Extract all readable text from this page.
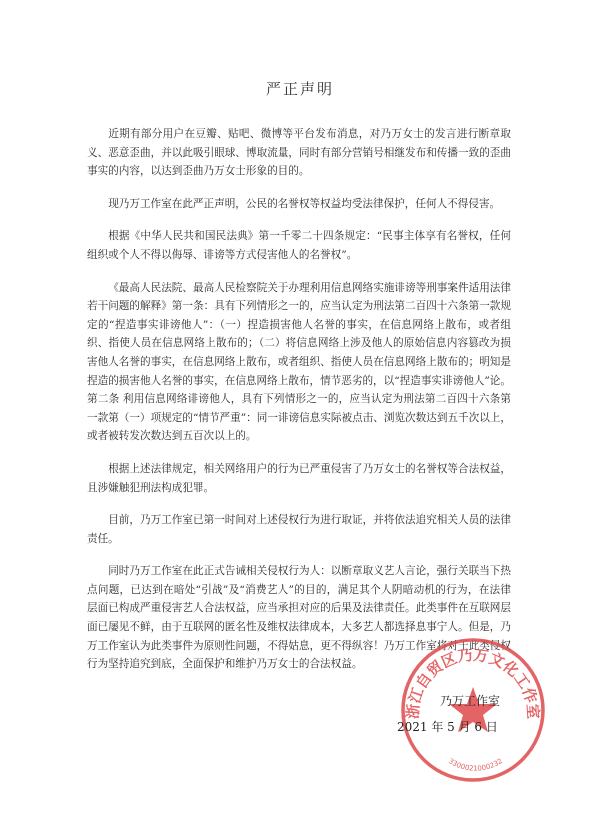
严正声明

近期有部分用户在豆瓣、贴吧、微博等平台发布消息，对乃万女士的发言进行断章取义、恶意歪曲，并以此吸引眼球、博取流量，同时有部分营销号相继发布和传播一致的歪曲事实的内容，以达到歪曲乃万女士形象的目的。

现乃万工作室在此严正声明，公民的名誉权等权益均受法律保护，任何人不得侵害。

根据《中华人民共和国民法典》第一千零二十四条规定：“民事主体享有名誉权，任何组织或个人不得以侮辱、诽谤等方式侵害他人的名誉权”。

《最高人民法院、最高人民检察院关于办理利用信息网络实施诽谤等刑事案件适用法律若干问题的解释》第一条：具有下列情形之一的，应当认定为刑法第二百四十六条第一款规定的“捏造事实诽谤他人”：（一）捏造损害他人名誉的事实，在信息网络上散布，或者组织、指使人员在信息网络上散布的；（二）将信息网络上涉及他人的原始信息内容篡改为损害他人名誉的事实，在信息网络上散布，或者组织、指使人员在信息网络上散布的；明知是捏造的损害他人名誉的事实，在信息网络上散布，情节恶劣的，以“捏造事实诽谤他人”论。第二条 利用信息网络诽谤他人，具有下列情形之一的，应当认定为刑法第二百四十六条第一款第（一）项规定的“情节严重”：同一诽谤信息实际被点击、浏览次数达到五千次以上，或者被转发次数达到五百次以上的。

根据上述法律规定，相关网络用户的行为已严重侵害了乃万女士的名誉权等合法权益，且涉嫌触犯刑法构成犯罪。

目前，乃万工作室已第一时间对上述侵权行为进行取证，并将依法追究相关人员的法律责任。

同时乃万工作室在此正式告诫相关侵权行为人：以断章取义艺人言论，强行关联当下热点问题，已达到在暗处“引战”及“消费艺人”的目的，满足其个人阴暗动机的行为，在法律层面已构成严重侵害艺人合法权益，应当承担对应的后果及法律责任。此类事件在互联网层面已屡见不鲜，由于互联网的匿名性及维权法律成本，大多艺人都选择息事宁人。但是，乃万工作室认为此类事件为原则性问题，不得姑息，更不得纵容！乃万工作室将对于此类侵权行为坚持追究到底，全面保护和维护乃万女士的合法权益。

浙江自贸区乃万文化工作室
3300021000232
乃万工作室
2021 年 5 月 6 日
